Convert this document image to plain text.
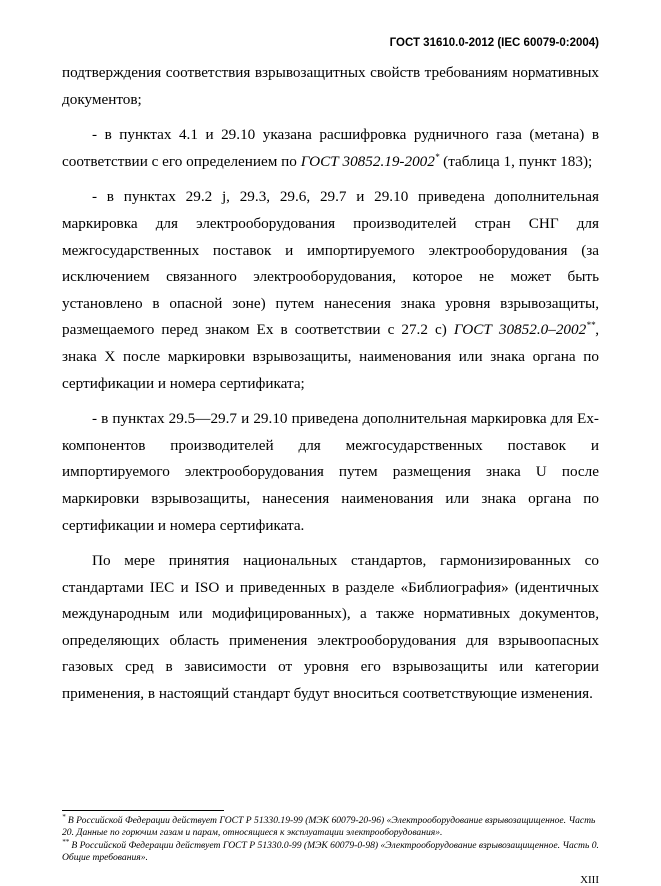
ГОСТ 31610.0-2012 (IEC 60079-0:2004)

подтверждения соответствия взрывозащитных свойств требованиям нормативных документов;

- в пунктах 4.1 и 29.10 указана расшифровка рудничного газа (метана) в соответствии с его определением по ГОСТ 30852.19-2002* (таблица 1, пункт 183);

- в пунктах 29.2 j, 29.3, 29.6, 29.7 и 29.10 приведена дополнительная маркировка для электрооборудования производителей стран СНГ для межгосударственных поставок и импортируемого электрооборудования (за исключением связанного электрооборудования, которое не может быть установлено в опасной зоне) путем нанесения знака уровня взрывозащиты, размещаемого перед знаком Ex в соответствии с 27.2 c) ГОСТ 30852.0–2002**, знака X после маркировки взрывозащиты, наименования или знака органа по сертификации и номера сертификата;

- в пунктах 29.5—29.7 и 29.10 приведена дополнительная маркировка для Ex-компонентов производителей для межгосударственных поставок и импортируемого электрооборудования путем размещения знака U после маркировки взрывозащиты, нанесения наименования или знака органа по сертификации и номера сертификата.

По мере принятия национальных стандартов, гармонизированных со стандартами IEC и ISO и приведенных в разделе «Библиография» (идентичных международным или модифицированных), а также нормативных документов, определяющих область применения электрооборудования для взрывоопасных газовых сред в зависимости от уровня его взрывозащиты или категории применения, в настоящий стандарт будут вноситься соответствующие изменения.

* В Российской Федерации действует ГОСТ Р 51330.19-99 (МЭК 60079-20-96) «Электрооборудование взрывозащищенное. Часть 20. Данные по горючим газам и парам, относящиеся к эксплуатации электрооборудования».

** В Российской Федерации действует ГОСТ Р 51330.0-99 (МЭК 60079-0-98) «Электрооборудование взрывозащищенное. Часть 0. Общие требования».

XIII
